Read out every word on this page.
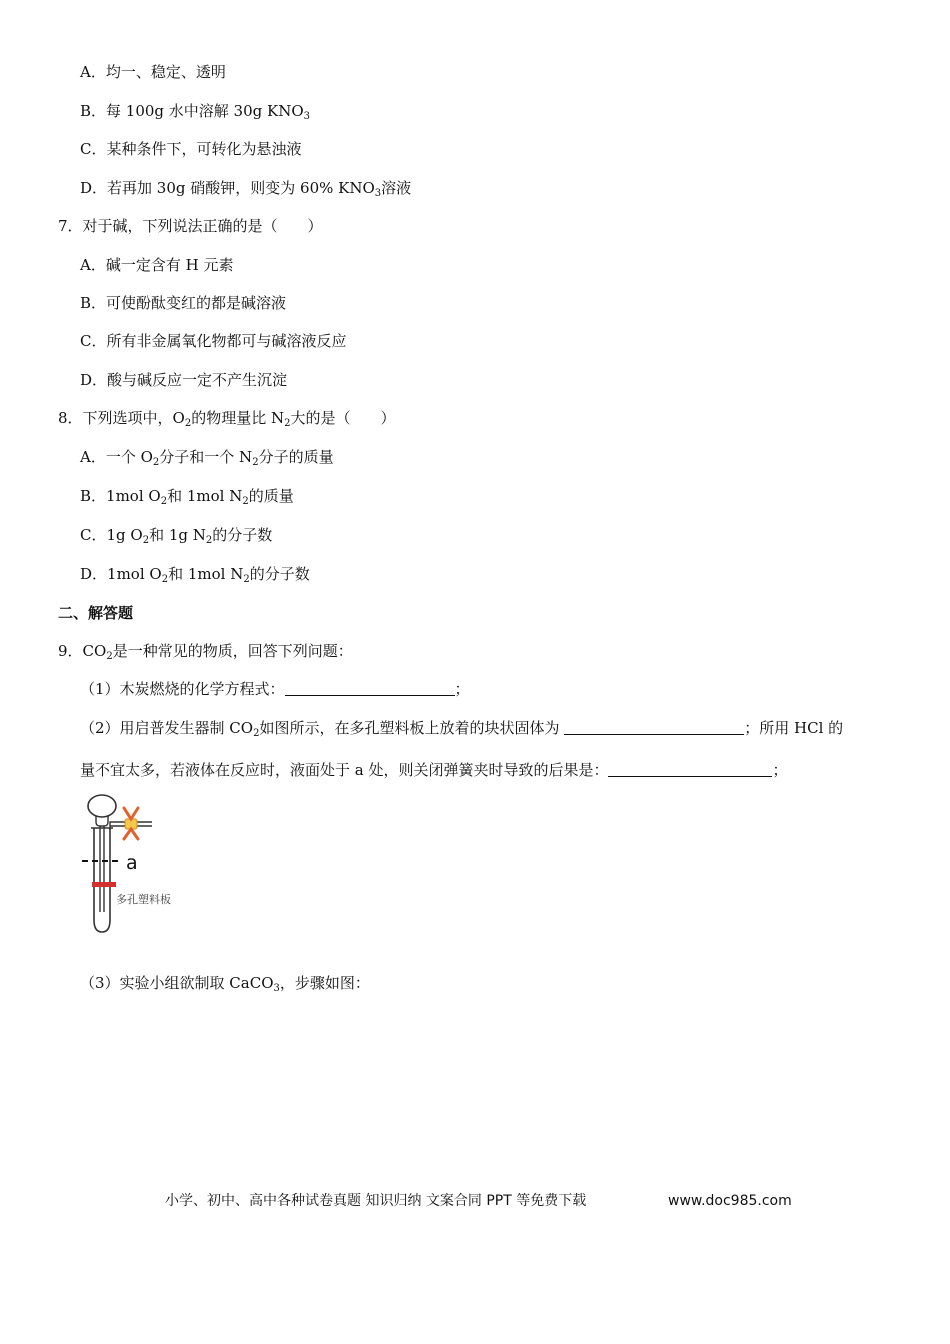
A．均一、稳定、透明
B．每 100g 水中溶解 30g $KNO_3$
C．某种条件下，可转化为悬浊液
D．若再加 30g 硝酸钾，则变为 60% $KNO_3$溶液
7．对于碱，下列说法正确的是（　　）
A．碱一定含有 H 元素
B．可使酚酞变红的都是碱溶液
C．所有非金属氧化物都可与碱溶液反应
D．酸与碱反应一定不产生沉淀
8．下列选项中，$O_2$的物理量比 $N_2$大的是（　　）
A．一个 $O_2$分子和一个 $N_2$分子的质量
B．1mol $O_2$和 1mol $N_2$的质量
C．1g $O_2$和 1g $N_2$的分子数
D．1mol $O_2$和 1mol $N_2$的分子数
二、解答题
9．$CO_2$是一种常见的物质，回答下列问题：
（1）木炭燃烧的化学方程式：	；
（2）用启普发生器制 $CO_2$如图所示，在多孔塑料板上放着的块状固体为	；所用 HCl 的
量不宜太多，若液体在反应时，液面处于 a 处，则关闭弹簧夹时导致的后果是：	；
a
多孔塑料板
（3）实验小组欲制取 CaCO$_3$，步骤如图：
小学、初中、高中各种试卷真题 知识归纳 文案合同 PPT 等免费下载	www.doc985.com
